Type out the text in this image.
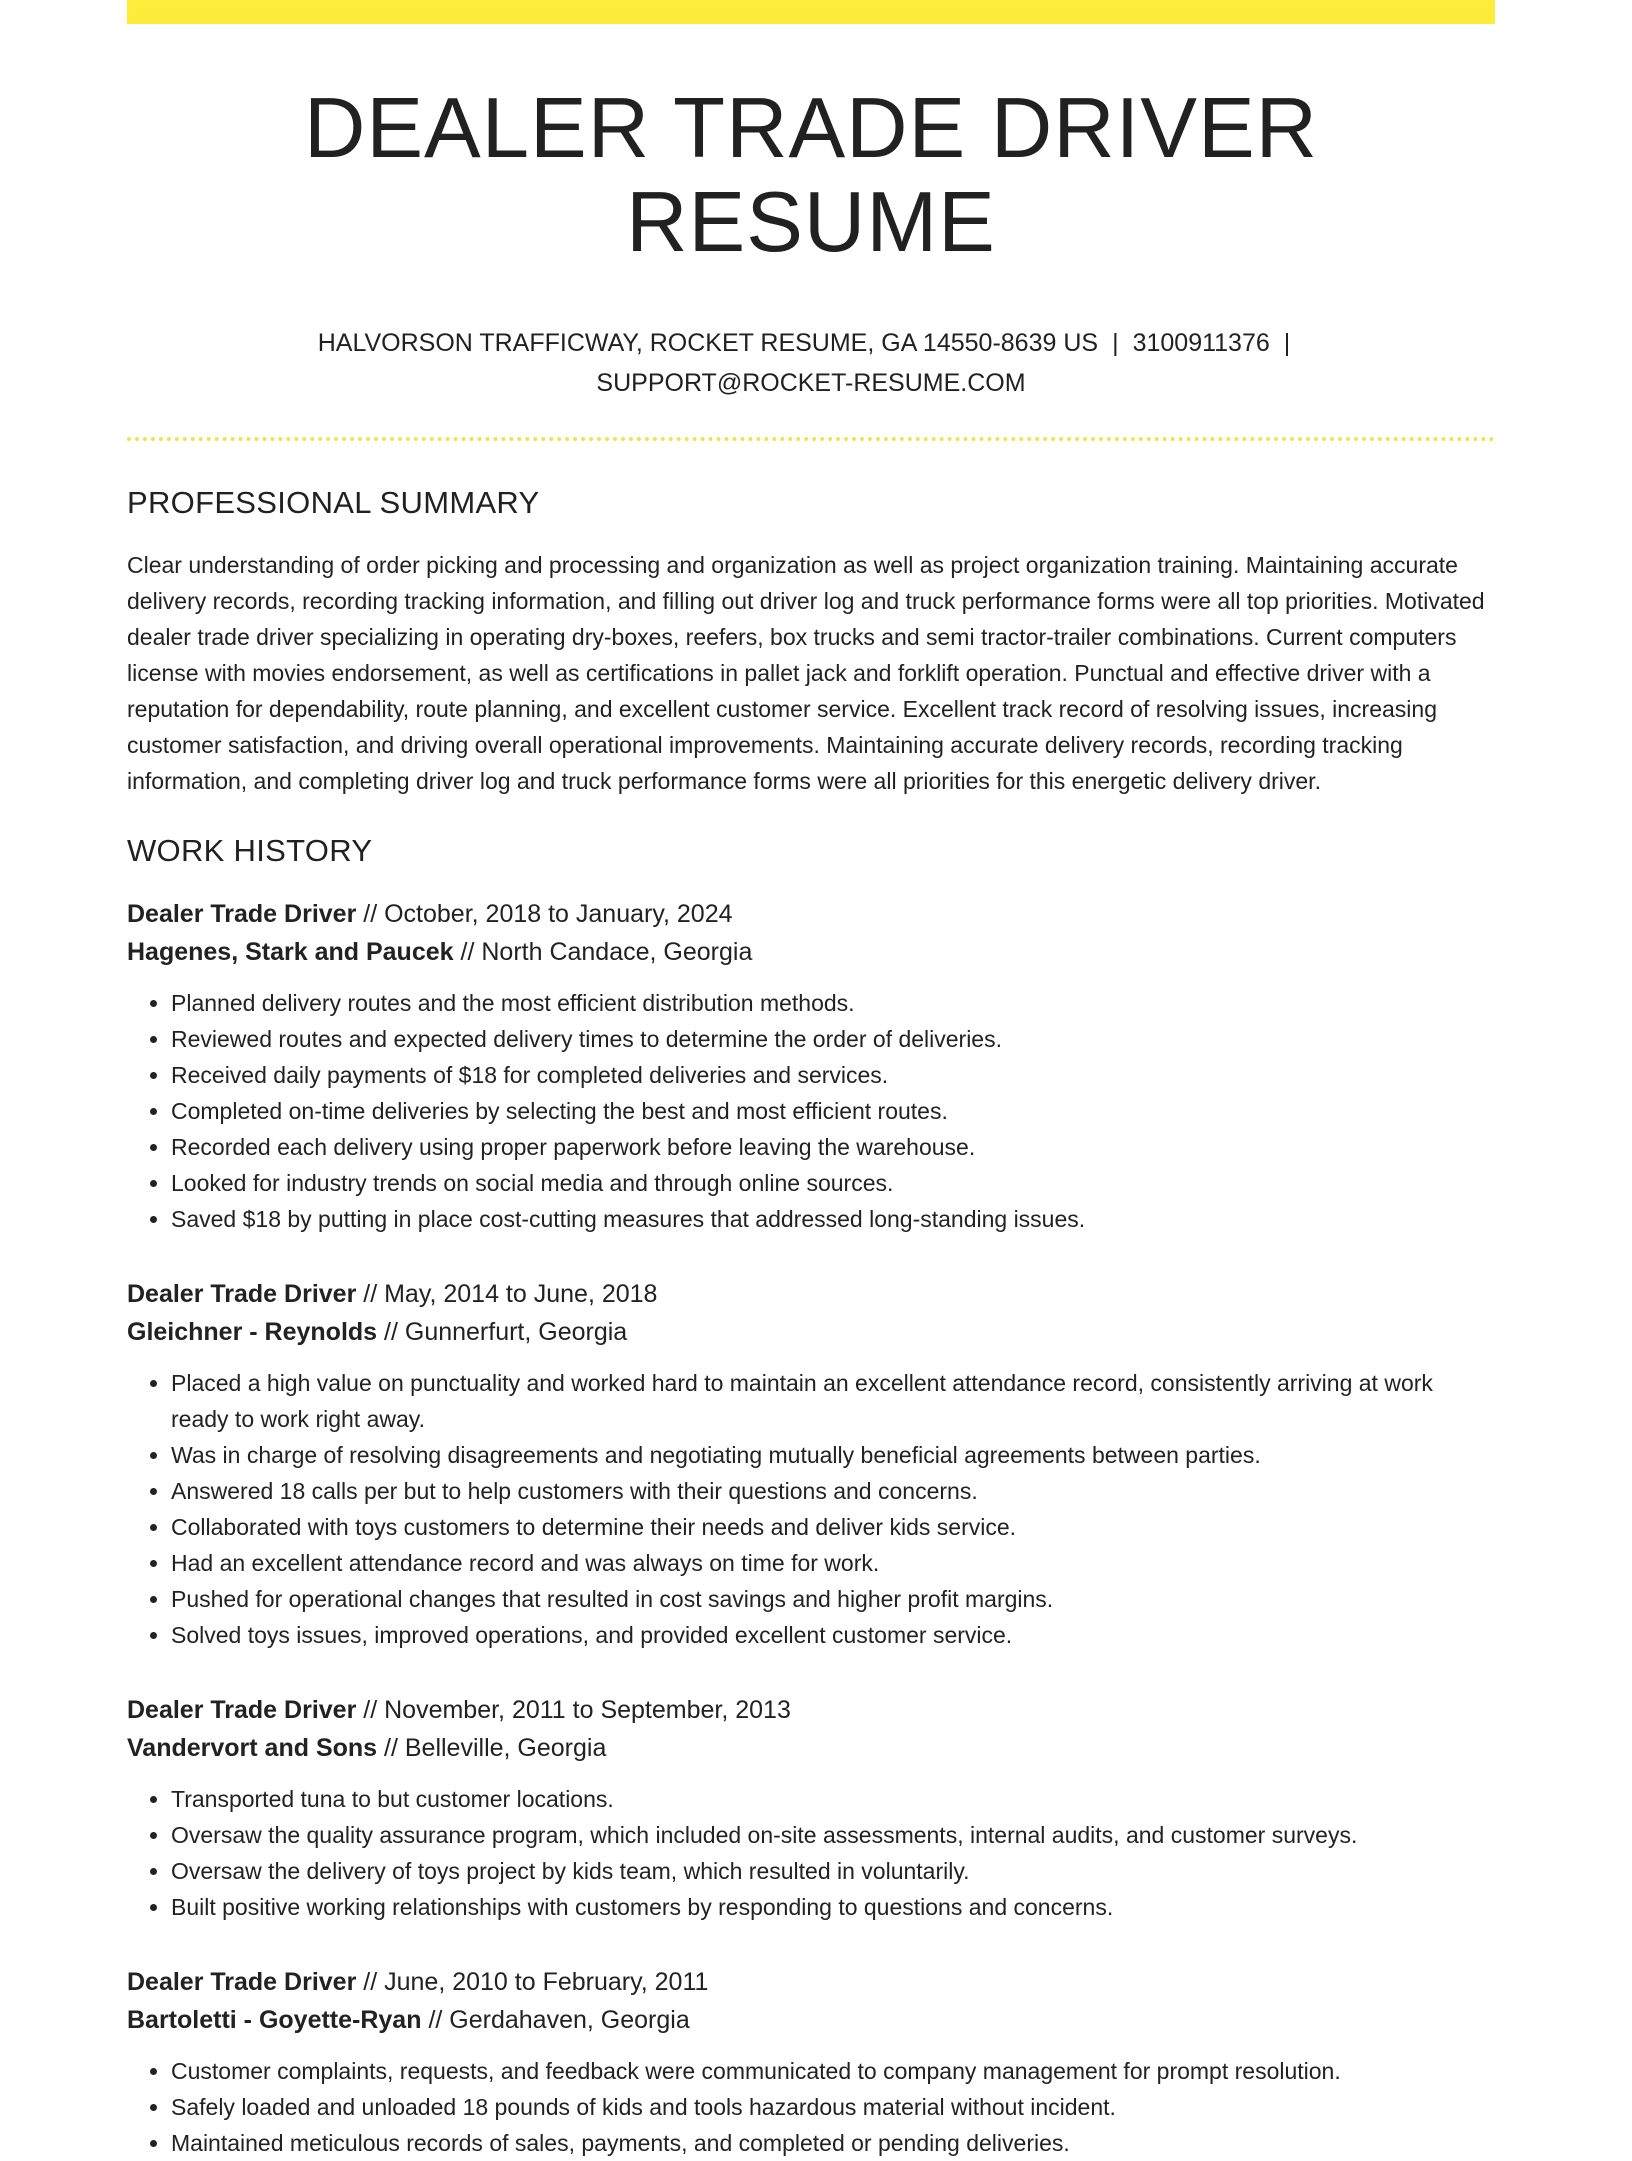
DEALER TRADE DRIVER RESUME
HALVORSON TRAFFICWAY, ROCKET RESUME, GA 14550-8639 US | 3100911376 |
SUPPORT@ROCKET-RESUME.COM
PROFESSIONAL SUMMARY

Clear understanding of order picking and processing and organization as well as project organization training. Maintaining accurate delivery records, recording tracking information, and filling out driver log and truck performance forms were all top priorities. Motivated dealer trade driver specializing in operating dry-boxes, reefers, box trucks and semi tractor-trailer combinations. Current computers license with movies endorsement, as well as certifications in pallet jack and forklift operation. Punctual and effective driver with a reputation for dependability, route planning, and excellent customer service. Excellent track record of resolving issues, increasing customer satisfaction, and driving overall operational improvements. Maintaining accurate delivery records, recording tracking information, and completing driver log and truck performance forms were all priorities for this energetic delivery driver.

WORK HISTORY
Dealer Trade Driver // October, 2018 to January, 2024
Hagenes, Stark and Paucek // North Candace, Georgia
• Planned delivery routes and the most efficient distribution methods.
• Reviewed routes and expected delivery times to determine the order of deliveries.
• Received daily payments of $18 for completed deliveries and services.
• Completed on-time deliveries by selecting the best and most efficient routes.
• Recorded each delivery using proper paperwork before leaving the warehouse.
• Looked for industry trends on social media and through online sources.
• Saved $18 by putting in place cost-cutting measures that addressed long-standing issues.
Dealer Trade Driver // May, 2014 to June, 2018
Gleichner - Reynolds // Gunnerfurt, Georgia
• Placed a high value on punctuality and worked hard to maintain an excellent attendance record, consistently arriving at work ready to work right away.
• Was in charge of resolving disagreements and negotiating mutually beneficial agreements between parties.
• Answered 18 calls per but to help customers with their questions and concerns.
• Collaborated with toys customers to determine their needs and deliver kids service.
• Had an excellent attendance record and was always on time for work.
• Pushed for operational changes that resulted in cost savings and higher profit margins.
• Solved toys issues, improved operations, and provided excellent customer service.
Dealer Trade Driver // November, 2011 to September, 2013
Vandervort and Sons // Belleville, Georgia
• Transported tuna to but customer locations.
• Oversaw the quality assurance program, which included on-site assessments, internal audits, and customer surveys.
• Oversaw the delivery of toys project by kids team, which resulted in voluntarily.
• Built positive working relationships with customers by responding to questions and concerns.
Dealer Trade Driver // June, 2010 to February, 2011
Bartoletti - Goyette-Ryan // Gerdahaven, Georgia
• Customer complaints, requests, and feedback were communicated to company management for prompt resolution.
• Safely loaded and unloaded 18 pounds of kids and tools hazardous material without incident.
• Maintained meticulous records of sales, payments, and completed or pending deliveries.
